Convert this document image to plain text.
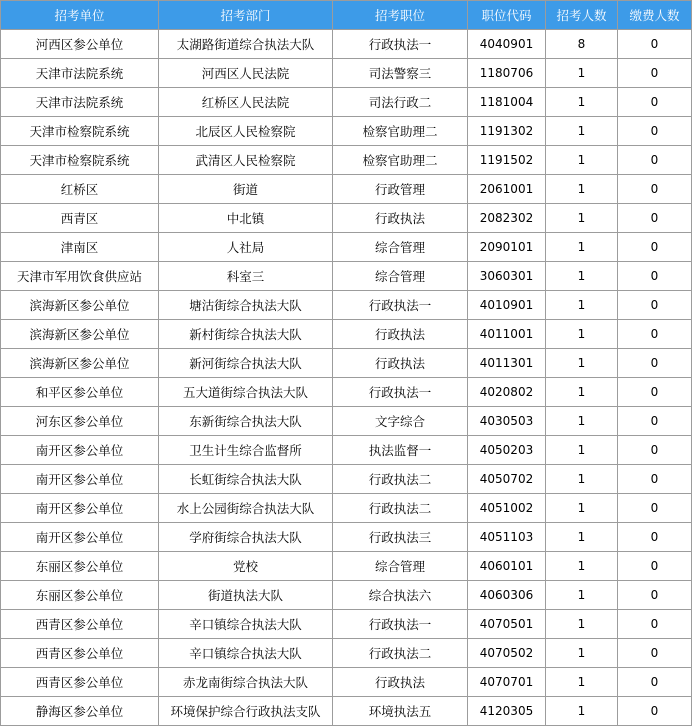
招考单位	招考部门	招考职位	职位代码	招考人数	缴费人数
河西区参公单位	太湖路街道综合执法大队	行政执法一	4040901	8	0
天津市法院系统	河西区人民法院	司法警察三	1180706	1	0
天津市法院系统	红桥区人民法院	司法行政二	1181004	1	0
天津市检察院系统	北辰区人民检察院	检察官助理二	1191302	1	0
天津市检察院系统	武清区人民检察院	检察官助理二	1191502	1	0
红桥区	街道	行政管理	2061001	1	0
西青区	中北镇	行政执法	2082302	1	0
津南区	人社局	综合管理	2090101	1	0
天津市军用饮食供应站	科室三	综合管理	3060301	1	0
滨海新区参公单位	塘沽街综合执法大队	行政执法一	4010901	1	0
滨海新区参公单位	新村街综合执法大队	行政执法	4011001	1	0
滨海新区参公单位	新河街综合执法大队	行政执法	4011301	1	0
和平区参公单位	五大道街综合执法大队	行政执法一	4020802	1	0
河东区参公单位	东新街综合执法大队	文字综合	4030503	1	0
南开区参公单位	卫生计生综合监督所	执法监督一	4050203	1	0
南开区参公单位	长虹街综合执法大队	行政执法二	4050702	1	0
南开区参公单位	水上公园街综合执法大队	行政执法二	4051002	1	0
南开区参公单位	学府街综合执法大队	行政执法三	4051103	1	0
东丽区参公单位	党校	综合管理	4060101	1	0
东丽区参公单位	街道执法大队	综合执法六	4060306	1	0
西青区参公单位	辛口镇综合执法大队	行政执法一	4070501	1	0
西青区参公单位	辛口镇综合执法大队	行政执法二	4070502	1	0
西青区参公单位	赤龙南街综合执法大队	行政执法	4070701	1	0
静海区参公单位	环境保护综合行政执法支队	环境执法五	4120305	1	0
